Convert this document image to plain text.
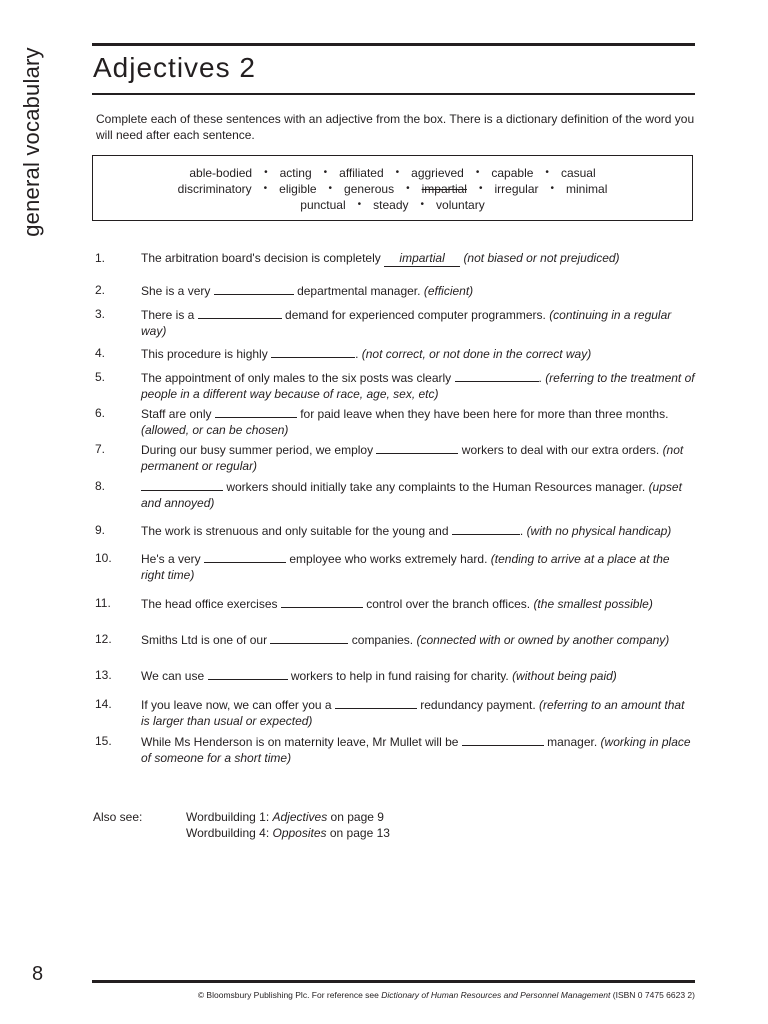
general vocabulary Adjectives 2
Complete each of these sentences with an adjective from the box. There is a dictionary definition of the word you will need after each sentence.
able-bodied • acting • affiliated • aggrieved • capable • casual
discriminatory • eligible • generous • impartial • irregular • minimal
punctual • steady • voluntary
1.	The arbitration board's decision is completely impartial (not biased or not prejudiced)
2.	She is a very	departmental manager. (efficient)
3.	There is a	demand for experienced computer programmers. (continuing in a regular way)
4.	This procedure is highly	. (not correct, or not done in the correct way)
5.	The appointment of only males to the six posts was clearly	. (referring to the treatment of people in a different way because of race, age, sex, etc)
6.	Staff are only	for paid leave when they have been here for more than three months. (allowed, or can be chosen)
7.	During our busy summer period, we employ	workers to deal with our extra orders. (not permanent or regular)
8.	workers should initially take any complaints to the Human Resources manager. (upset and annoyed)
9.	The work is strenuous and only suitable for the young and	. (with no physical handicap)
10. He's a very	employee who works extremely hard. (tending to arrive at a place at the right time)
11.	The head office exercises	control over the branch offices. (the smallest possible)
12. Smiths Ltd is one of our	companies. (connected with or owned by another company)
13. We can use	workers to help in fund raising for charity. (without being paid)
14. If you leave now, we can offer you a	redundancy payment. (referring to an amount that is larger than usual or expected)
15. While Ms Henderson is on maternity leave, Mr Mullet will be	manager. (working in place of someone for a short time)
Also see:	Wordbuilding 1: Adjectives on page 9
Wordbuilding 4: Opposites on page 13
8
© Bloomsbury Publishing Plc. For reference see Dictionary of Human Resources and Personnel Management (ISBN 0 7475 6623 2)
